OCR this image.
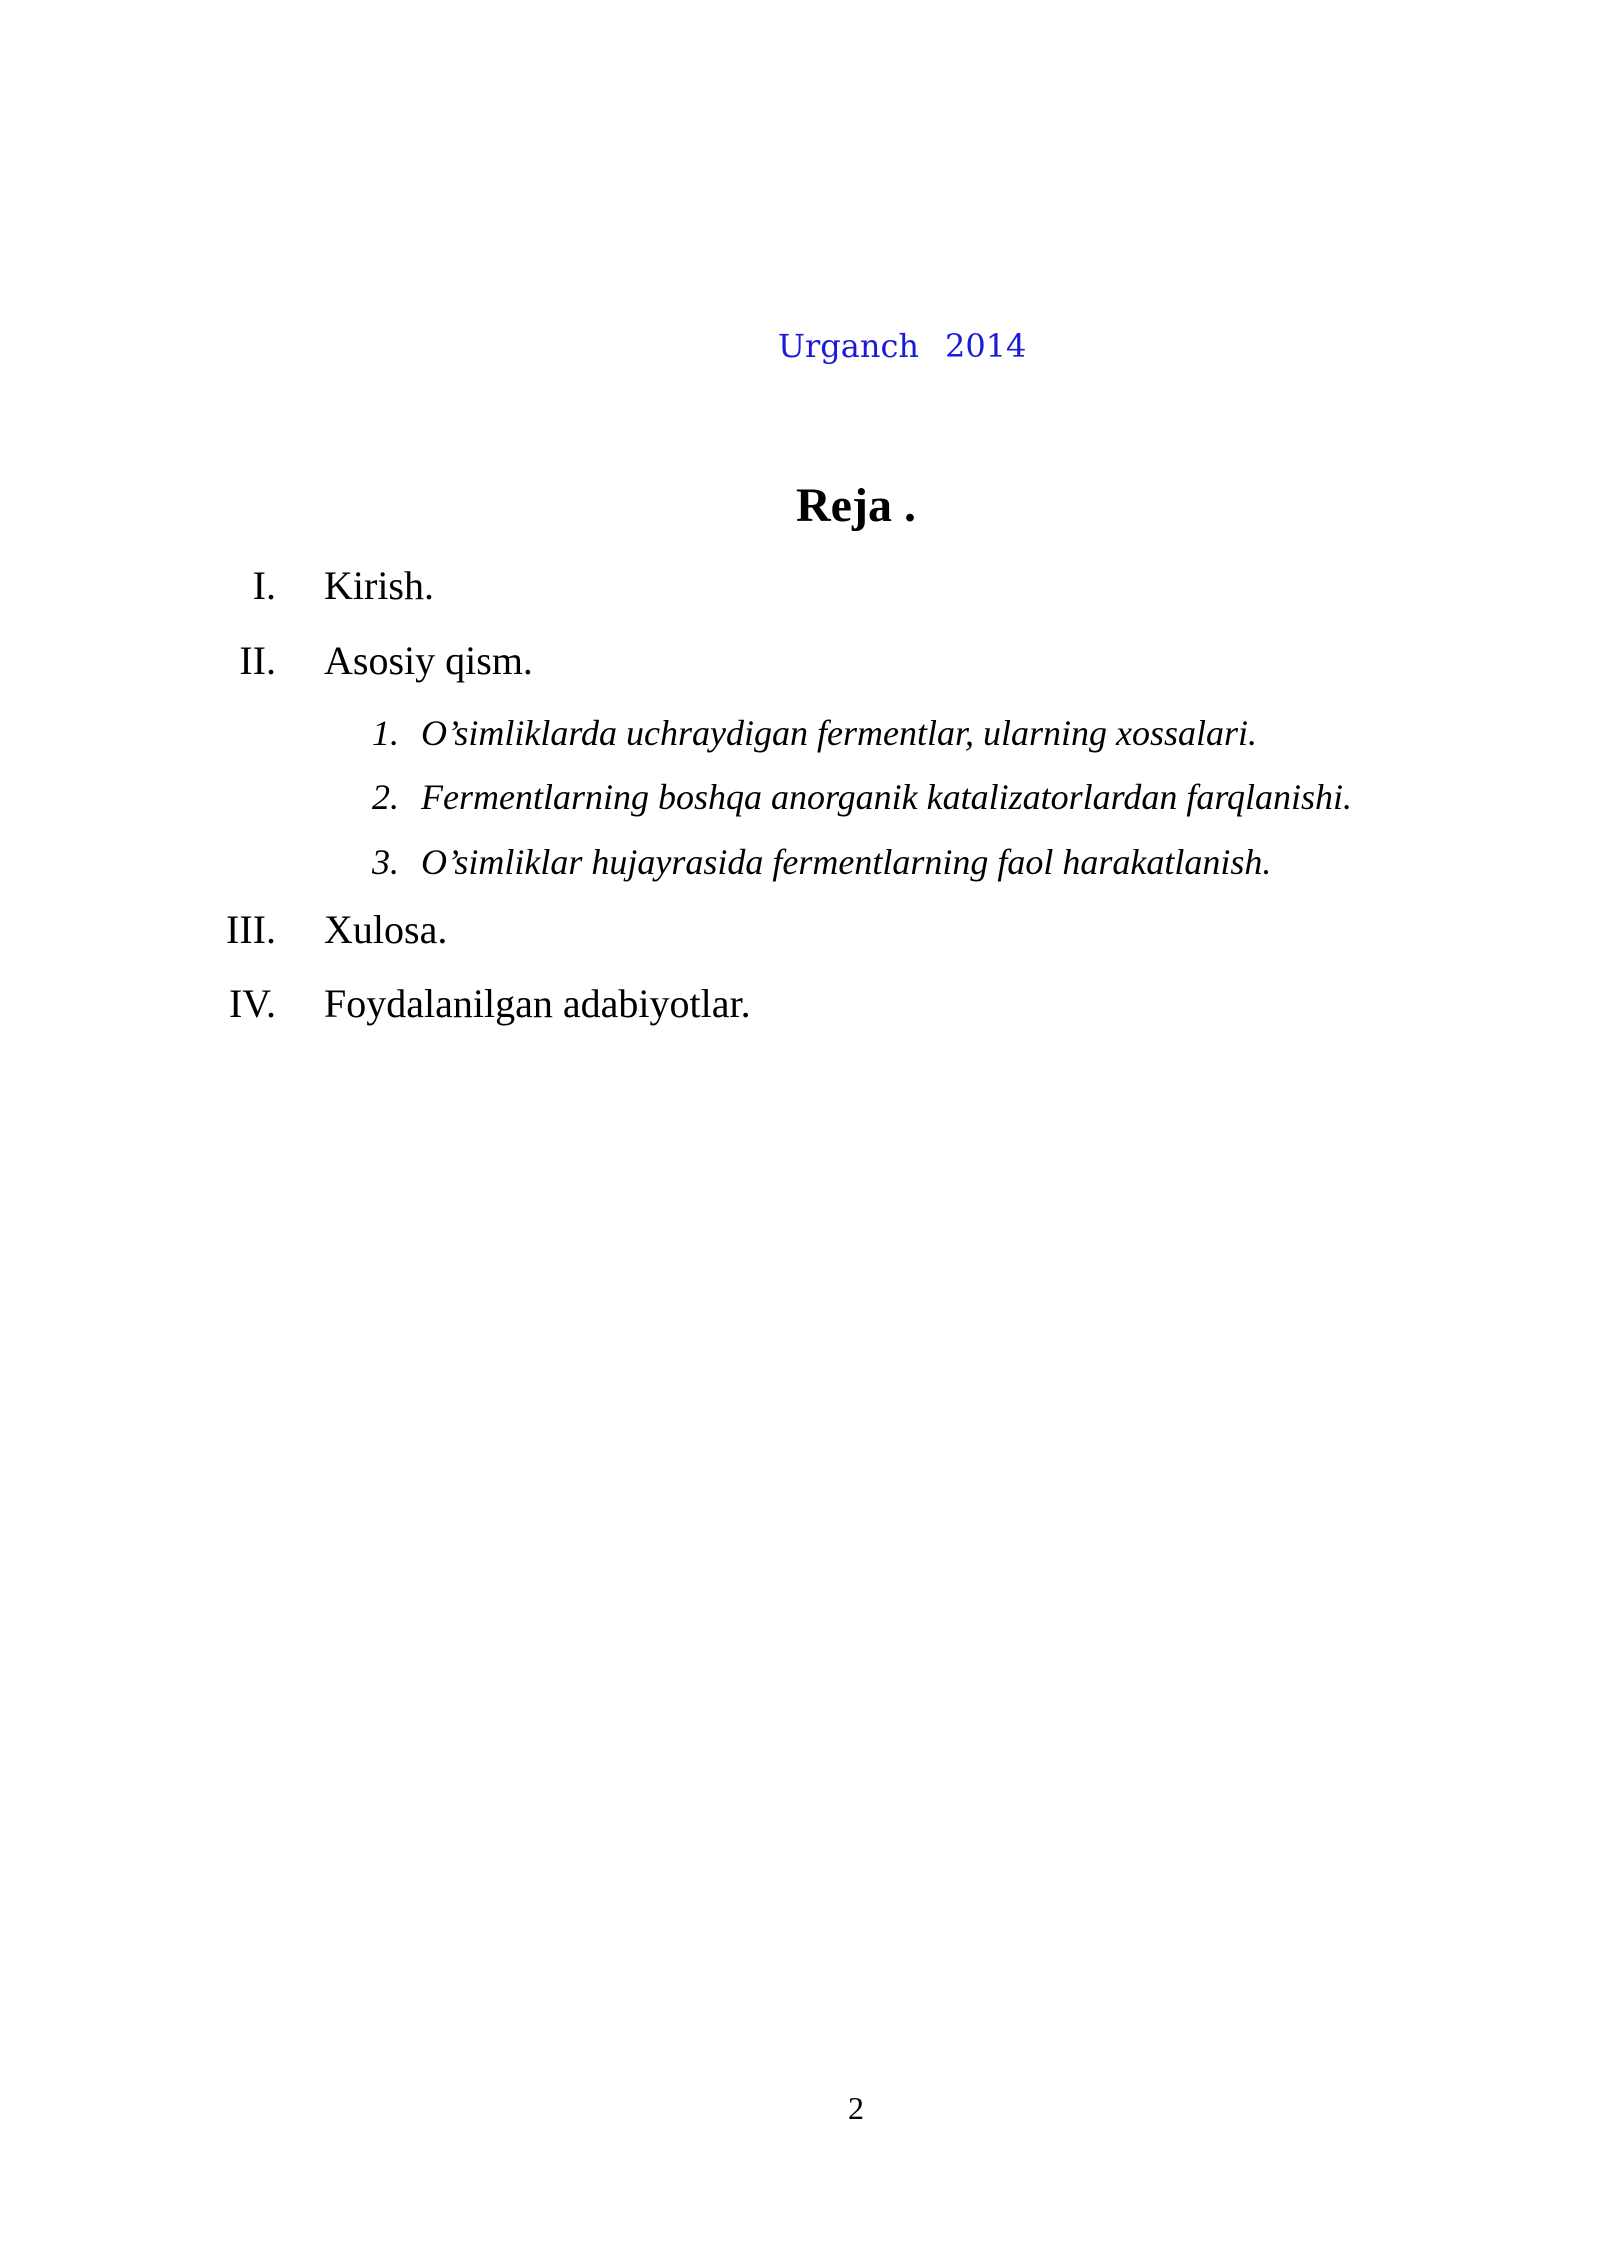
Urganch 2014
Reja .
I. Kirish.
II. Asosiy qism.
1. O’simliklarda uchraydigan fermentlar, ularning xossalari.
2. Fermentlarning boshqa anorganik katalizatorlardan farqlanishi.
3. O’simliklar hujayrasida fermentlarning faol harakatlanish.
III. Xulosa.
IV. Foydalanilgan adabiyotlar.
2
